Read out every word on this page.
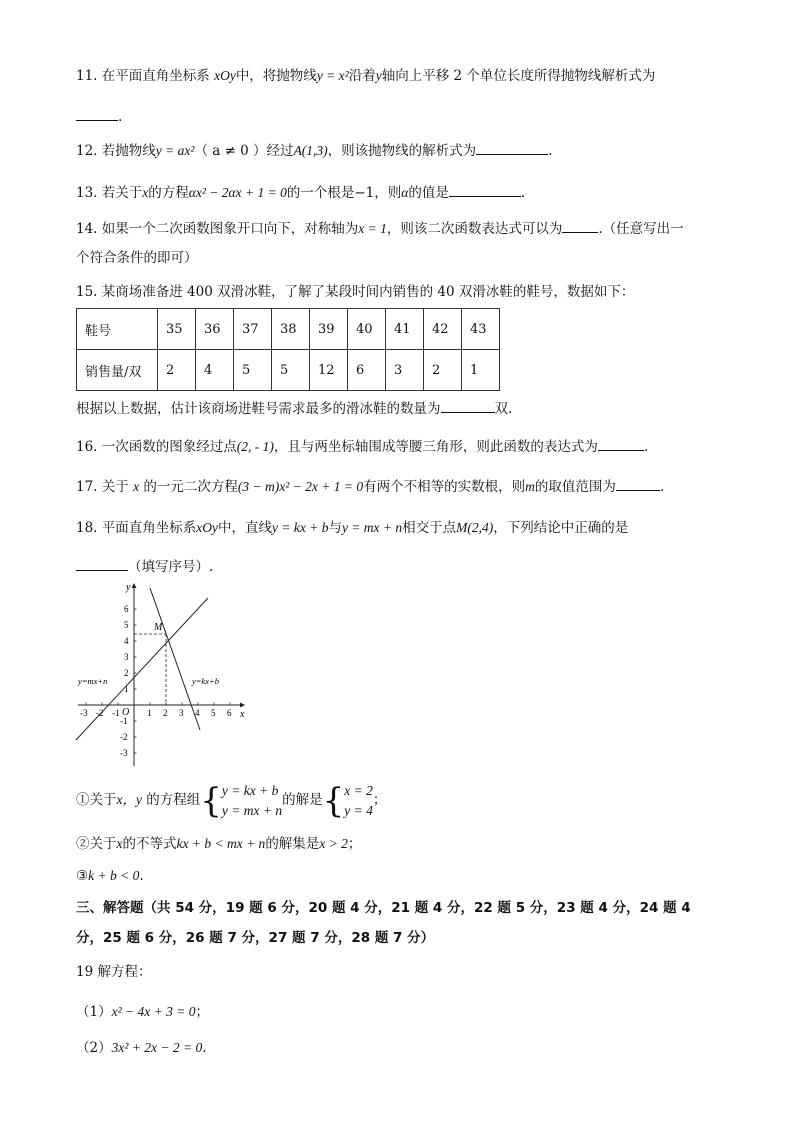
11. 在平面直角坐标系 xOy中，将抛物线y = x²沿着y轴向上平移 2 个单位长度所得抛物线解析式为
.
12. 若抛物线y = ax²（ a ≠ 0 ）经过A(1,3)，则该抛物线的解析式为	.
13. 若关于x的方程αx² − 2αx + 1 = 0的一个根是−1，则α的值是	.
14. 如果一个二次函数图象开口向下，对称轴为x = 1，则该二次函数表达式可以为	.（任意写出一
个符合条件的即可）
15. 某商场准备进 400 双滑冰鞋，了解了某段时间内销售的 40 双滑冰鞋的鞋号，数据如下：
鞋号	35	36	37	38	39	40	41	42	43
销售量/双	2	4	5	5	12	6	3	2	1
根据以上数据，估计该商场进鞋号需求最多的滑冰鞋的数量为	双.
16. 一次函数的图象经过点(2, - 1)，且与两坐标轴围成等腰三角形，则此函数的表达式为	.
17. 关于 x 的一元二次方程(3 − m)x² − 2x + 1 = 0有两个不相等的实数根，则m的取值范围为	.
18. 平面直角坐标系xOy中，直线y = kx + b与y = mx + n相交于点M(2,4)，下列结论中正确的是
（填写序号）.
x
y
O
-3 -2 -1	1 2 3 4 5 6
6
5
4
3
2
1
-1
-2
-3
M
y=mx+n	y=kx+b
①关于x，y 的方程组{y = kx + b
y = mx + n的解是{x = 2
y = 4；
②关于x的不等式kx + b < mx + n的解集是x > 2；
③k + b < 0.
三、解答题（共 54 分，19 题 6 分，20 题 4 分，21 题 4 分，22 题 5 分，23 题 4 分，24 题 4
分，25 题 6 分，26 题 7 分，27 题 7 分，28 题 7 分）
19 解方程：
（1）x² − 4x + 3 = 0；
（2）3x² + 2x − 2 = 0.
